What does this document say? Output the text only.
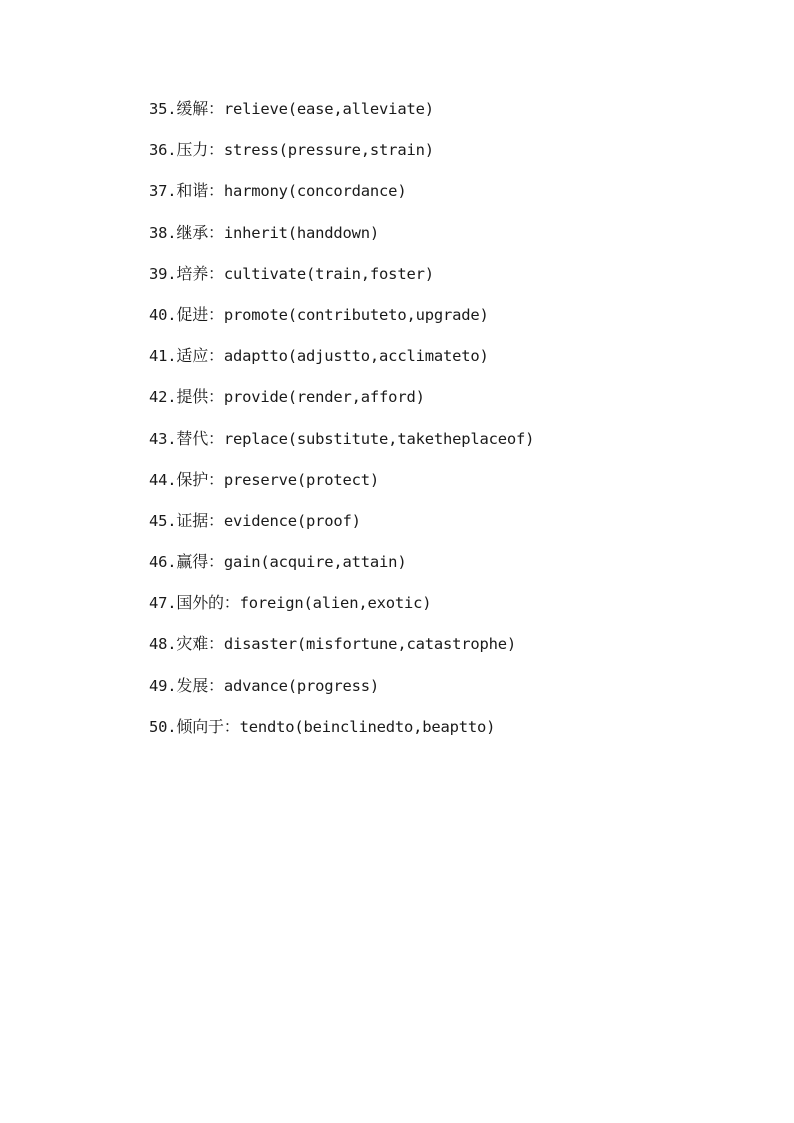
35.缓解：relieve(ease,alleviate)
36.压力：stress(pressure,strain)
37.和谐：harmony(concordance)
38.继承：inherit(handdown)
39.培养：cultivate(train,foster)
40.促进：promote(contributeto,upgrade)
41.适应：adaptto(adjustto,acclimateto)
42.提供：provide(render,afford)
43.替代：replace(substitute,taketheplaceof)
44.保护：preserve(protect)
45.证据：evidence(proof)
46.赢得：gain(acquire,attain)
47.国外的：foreign(alien,exotic)
48.灾难：disaster(misfortune,catastrophe)
49.发展：advance(progress)
50.倾向于：tendto(beinclinedto,beaptto)
